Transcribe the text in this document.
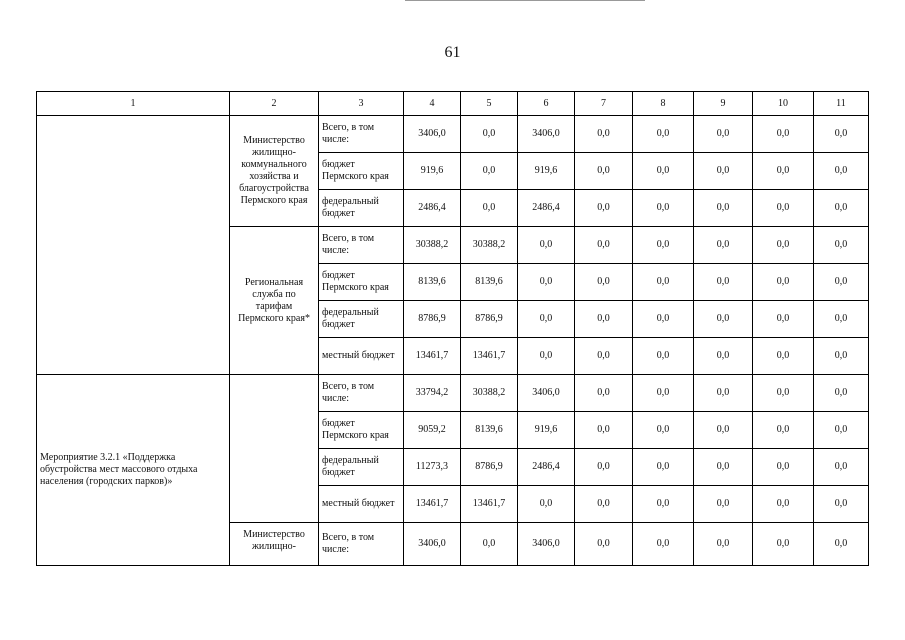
61
1	2	3	4	5	6	7	8	9	10	11
	Министерство жилищно-коммунального хозяйства и благоустройства Пермского края	Всего, в том числе:	3406,0	0,0	3406,0	0,0	0,0	0,0	0,0	0,0
		бюджет Пермского края	919,6	0,0	919,6	0,0	0,0	0,0	0,0	0,0
		федеральный бюджет	2486,4	0,0	2486,4	0,0	0,0	0,0	0,0	0,0
	Региональная служба по тарифам Пермского края*	Всего, в том числе:	30388,2	30388,2	0,0	0,0	0,0	0,0	0,0	0,0
		бюджет Пермского края	8139,6	8139,6	0,0	0,0	0,0	0,0	0,0	0,0
		федеральный бюджет	8786,9	8786,9	0,0	0,0	0,0	0,0	0,0	0,0
		местный бюджет	13461,7	13461,7	0,0	0,0	0,0	0,0	0,0	0,0
Мероприятие 3.2.1 «Поддержка обустройства мест массового отдыха населения (городских парков)»		Всего, в том числе:	33794,2	30388,2	3406,0	0,0	0,0	0,0	0,0	0,0
		бюджет Пермского края	9059,2	8139,6	919,6	0,0	0,0	0,0	0,0	0,0
		федеральный бюджет	11273,3	8786,9	2486,4	0,0	0,0	0,0	0,0	0,0
		местный бюджет	13461,7	13461,7	0,0	0,0	0,0	0,0	0,0	0,0
	Министерство жилищно-	Всего, в том числе:	3406,0	0,0	3406,0	0,0	0,0	0,0	0,0	0,0
